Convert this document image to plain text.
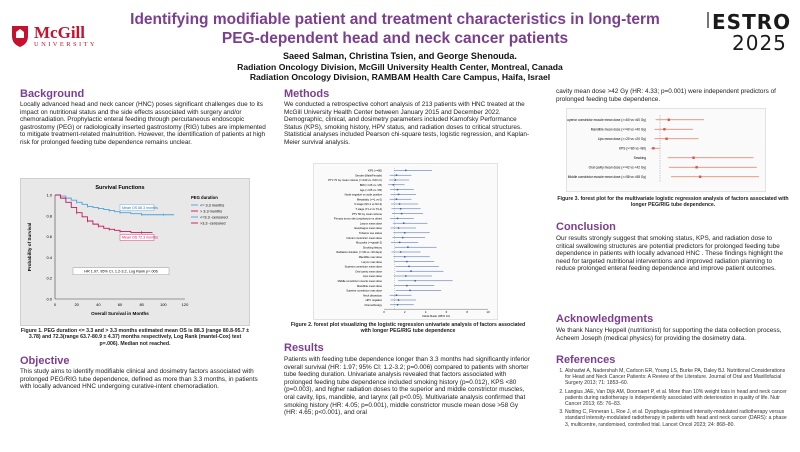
McGill
UNIVERSITY
Identifying modifiable patient and treatment characteristics in long-term PEG-dependent head and neck cancer patients
Saeed Salman, Christina Tsien, and George Shenouda.
Radiation Oncology Division, McGill University Health Center, Montreal, Canada
Radiation Oncology Division, RAMBAM Health Care Campus, Haifa, Israel
ESTRO
2025
Background
Locally advanced head and neck cancer (HNC) poses significant challenges due to its impact on nutritional status and the side effects associated with surgery and/or chemoradiation. Prophylactic enteral feeding through percutaneous endoscopic gastrostomy (PEG) or radiologically inserted gastrostomy (RIG) tubes are implemented to mitigate treatment-related malnutrition. However, the identification of patients at high risk for prolonged feeding tube dependence remains unclear.
Survival Functions
0	20	40	60	80	100	120
0.0
0.2
0.4
0.6
0.8
1.0
Overall Survival in Months
Probability of Survival
PEG duration
<= 3.3 months
> 3.3 months
<=3.3 -censored
>3.3 -censored
Mean OS 88.3 months
Mean OS 72.3 months
HR 1.97, 95% CI, 1.2-3.2, Log Rank p=.006
Figure 1. PEG duration <= 3.3 and > 3.3 months estimated mean OS is 88.3 (range 80.8-95.7 ± 3.78) and 72.3(range 63.7-80.9 ± 4.37) months respectively, Log Rank (mantel-Cox) test p=.006). Median not reached.
Objective
This study aims to identify modifiable clinical and dosimetry factors associated with prolonged PEG/RIG tube dependence, defined as more than 3.3 months, in patients with locally advanced HNC undergoing curative-intent chemoradiation.
Methods
We conducted a retrospective cohort analysis of 213 patients with HNC treated at the McGill University Health Center between January 2015 and December 2022. Demographic, clinical, and dosimetry parameters included Karnofsky Performance Status (KPS), smoking history, HPV status, and radiation doses to critical structures. Statistical analyses included Pearson chi-square tests, logistic regression, and Kaplan-Meier survival analysis.
KPS (>=80)
Gender (Male/Female)
PTV 70 Gy mean volume (>=100 vs <100 cc)
BMI (>=25 vs <25)
Age (>=65 vs <65)
Node negative vs node positive
Metastatic (>=1 vs 0)
N stage (N0-1 vs N2-3)
T stage (T1-2 vs T3-4)
PTV 56 Gy mean volume
Primary tumor site (oropharynx vs other)
Larynx mean dose
Esophagus mean dose
Tobacco use status
Inferior constrictor mean dose
Mucositis (>=grade 3)
Smoking history
Radiation duration (>=49 vs <49 days)
Mandible max dose
Larynx max dose
Superior constrictor mean dose
Oral cavity mean dose
Lips mean dose
Middle constrictor muscle mean dose
Mandible mean dose
Superior constrictor max dose
Neck dissection
HPV negative
Chemotherapy
0	2	4	6	8	10
Odds Ratio (95% CI)
Figure 2. forest plot visualizing the logistic regression univariate analysis of factors associated with longer PEG/RIG tube dependence
Results
Patients with feeding tube dependence longer than 3.3 months had significantly inferior overall survival (HR: 1.97; 95% CI: 1.2-3.2; p=0.006) compared to patients with shorter tube feeding duration. Univariate analysis revealed that factors associated with prolonged feeding tube dependence included smoking history (p=0.012), KPS <80 (p=0.003), and higher radiation doses to the superior and middle constrictor muscles, oral cavity, lips, mandible, and larynx (all p<0.05). Multivariate analysis confirmed that smoking history (HR: 4.05; p=0.001), middle constrictor muscle mean dose >58 Gy (HR: 4.65; p<0.001), and oral
cavity mean dose >42 Gy (HR: 4.33; p=0.001) were independent predictors of prolonged feeding tube dependence.
Superior constrictor muscle mean dose (>=60 vs <60 Gy)
Mandible mean dose (>=40 vs <40 Gy)
Lips mean dose (>=20 vs <20 Gy)
KPS (>=80 vs <80)
Smoking
Oral cavity mean dose (>=42 vs <42 Gy)
Middle constrictor muscle mean dose (>=58 vs <58 Gy)
Figure 3. forest plot for the multivariate logistic regression analysis of factors associated with longer PEG/RIG tube dependence.
Conclusion
Our results strongly suggest that smoking status, KPS, and radiation dose to critical swallowing structures are potential predictors for prolonged feeding tube dependence in patients with locally advanced HNC . These findings highlight the need for targeted nutritional interventions and improved radiation planning to reduce prolonged enteral feeding dependence and improve patient outcomes.
Acknowledgments
We thank Nancy Heppell (nutritionist) for supporting the data collection process, Acheem Joseph (medical physics) for providing the dosimetry data.
References
1. Alshadwi A, Nadershah M, Carlson ER, Young LS, Burke PA, Daley BJ. Nutritional Considerations for Head and Neck Cancer Patients: A Review of the Literature. Journal of Oral and Maxillofacial Surgery 2013; 71: 1853–60.
2. Langius JAE, Van Dijk AM, Doornaert P, et al. More than 10% weight loss in head and neck cancer patients during radiotherapy is independently associated with deterioration in quality of life. Nutr Cancer 2013; 65: 76–83.
3. Nutting C, Finneran L, Roe J, et al. Dysphagia-optimised intensity-modulated radiotherapy versus standard intensity-modulated radiotherapy in patients with head and neck cancer (DARS): a phase 3, multicentre, randomised, controlled trial. Lancet Oncol 2023; 24: 868–80.
